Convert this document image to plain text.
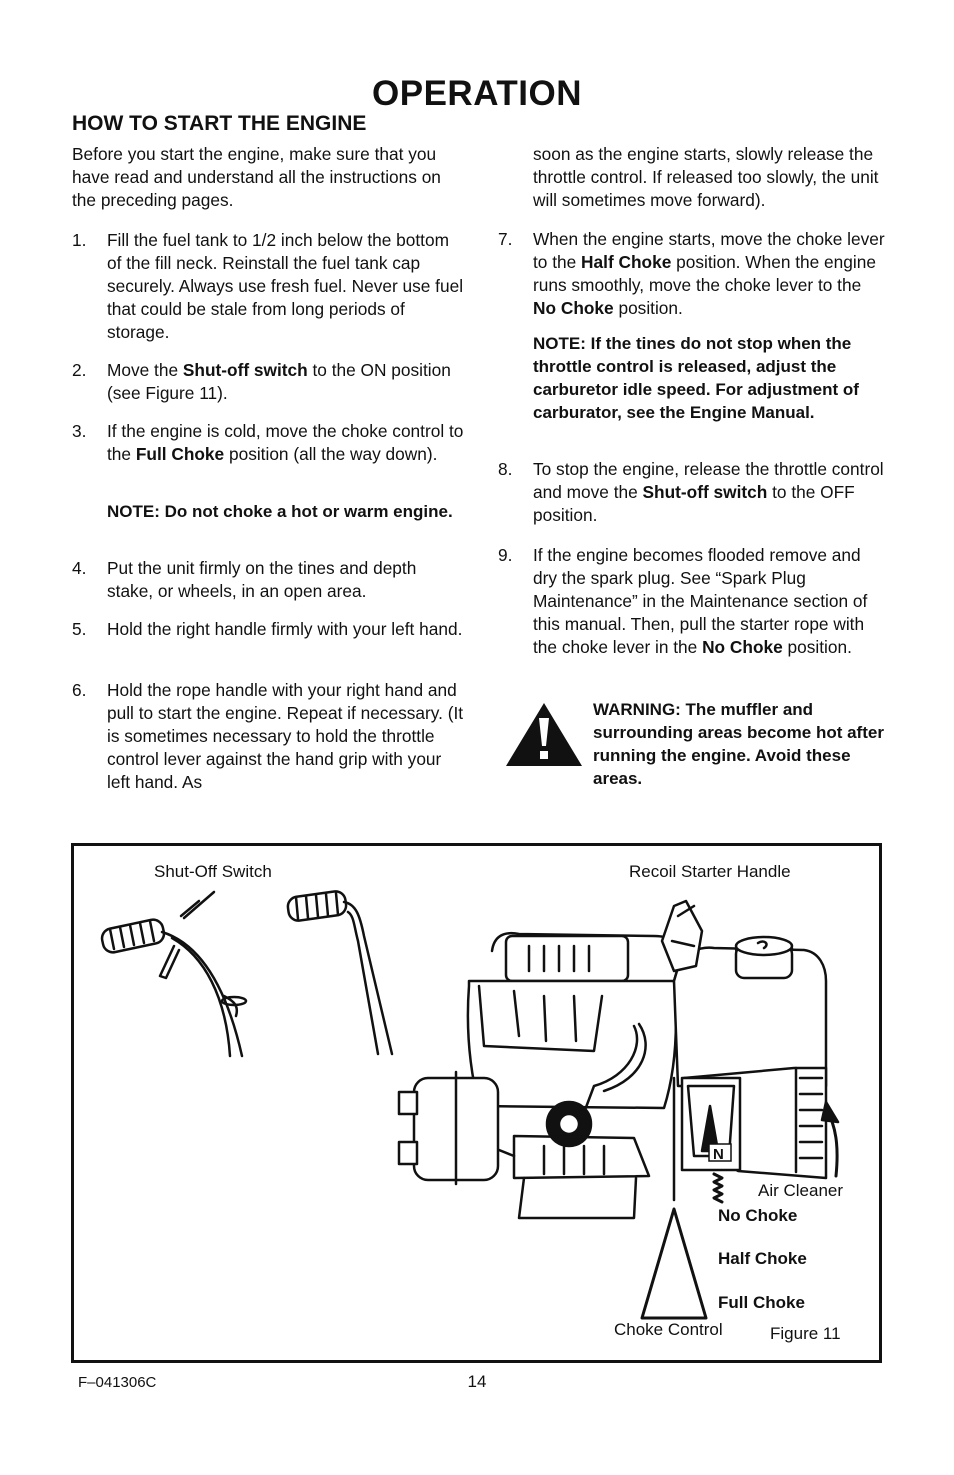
OPERATION
HOW TO START THE ENGINE
Before you start the engine, make sure that you have read and understand all the instructions on the preceding pages.
1. Fill the fuel tank to 1/2 inch below the bottom of the fill neck. Reinstall the fuel tank cap securely. Always use fresh fuel. Never use fuel that could be stale from long periods of storage.
2. Move the Shut-off switch to the ON position (see Figure 11).
3. If the engine is cold, move the choke control to the Full Choke position (all the way down).
NOTE: Do not choke a hot or warm engine.
4. Put the unit firmly on the tines and depth stake, or wheels, in an open area.
5. Hold the right handle firmly with your left hand.
6. Hold the rope handle with your right hand and pull to start the engine. Repeat if necessary. (It is sometimes necessary to hold the throttle control lever against the hand grip with your left hand. As
soon as the engine starts, slowly release the throttle control. If released too slowly, the unit will sometimes move forward).
7. When the engine starts, move the choke lever to the Half Choke position. When the engine runs smoothly, move the choke lever to the No Choke position.
NOTE: If the tines do not stop when the throttle control is released, adjust the carburetor idle speed. For adjustment of carburator, see the Engine Manual.
8. To stop the engine, release the throttle control and move the Shut-off switch to the OFF position.
9. If the engine becomes flooded remove and dry the spark plug. See “Spark Plug Maintenance” in the Maintenance section of this manual. Then, pull the starter rope with the choke lever in the No Choke position.
WARNING: The muffler and surrounding areas become hot after running the engine. Avoid these areas.
N
Shut-Off Switch	Recoil Starter Handle
Air Cleaner
No Choke
Half Choke
Full Choke
Choke Control	Figure 11
F–041306C	14
